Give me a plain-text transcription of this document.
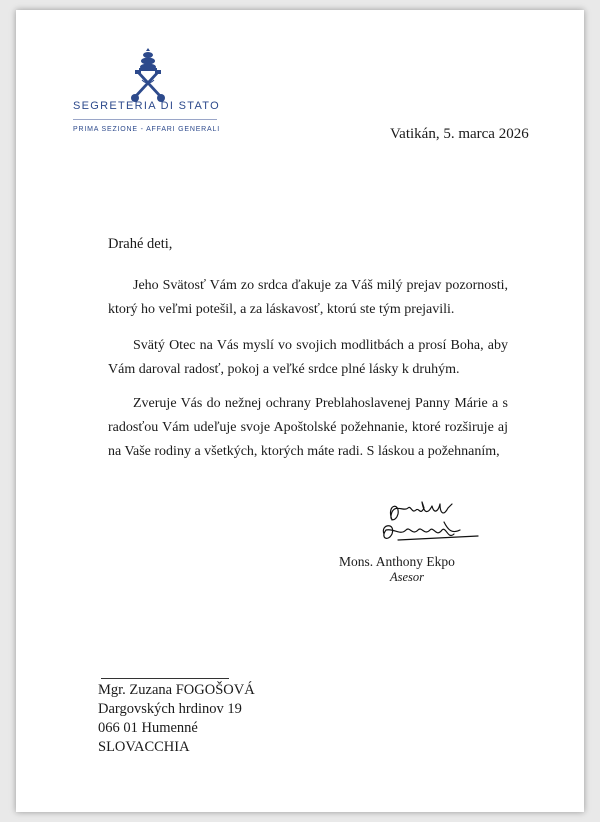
SEGRETERIA DI STATO
PRIMA SEZIONE - AFFARI GENERALI	Vatikán, 5. marca 2026
Drahé deti,

Jeho Svätosť Vám zo srdca ďakuje za Váš milý prejav pozornosti, ktorý ho veľmi potešil, a za láskavosť, ktorú ste tým prejavili.

Svätý Otec na Vás myslí vo svojich modlitbách a prosí Boha, aby Vám daroval radosť, pokoj a veľké srdce plné lásky k druhým.

Zveruje Vás do nežnej ochrany Preblahoslavenej Panny Márie a s radosťou Vám udeľuje svoje Apoštolské požehnanie, ktoré rozširuje aj na Vaše rodiny a všetkých, ktorých máte radi. S láskou a požehnaním,

Mons. Anthony Ekpo
Asesor
Mgr. Zuzana FOGOŠOVÁ
Dargovských hrdinov 19
066 01 Humenné
SLOVACCHIA
